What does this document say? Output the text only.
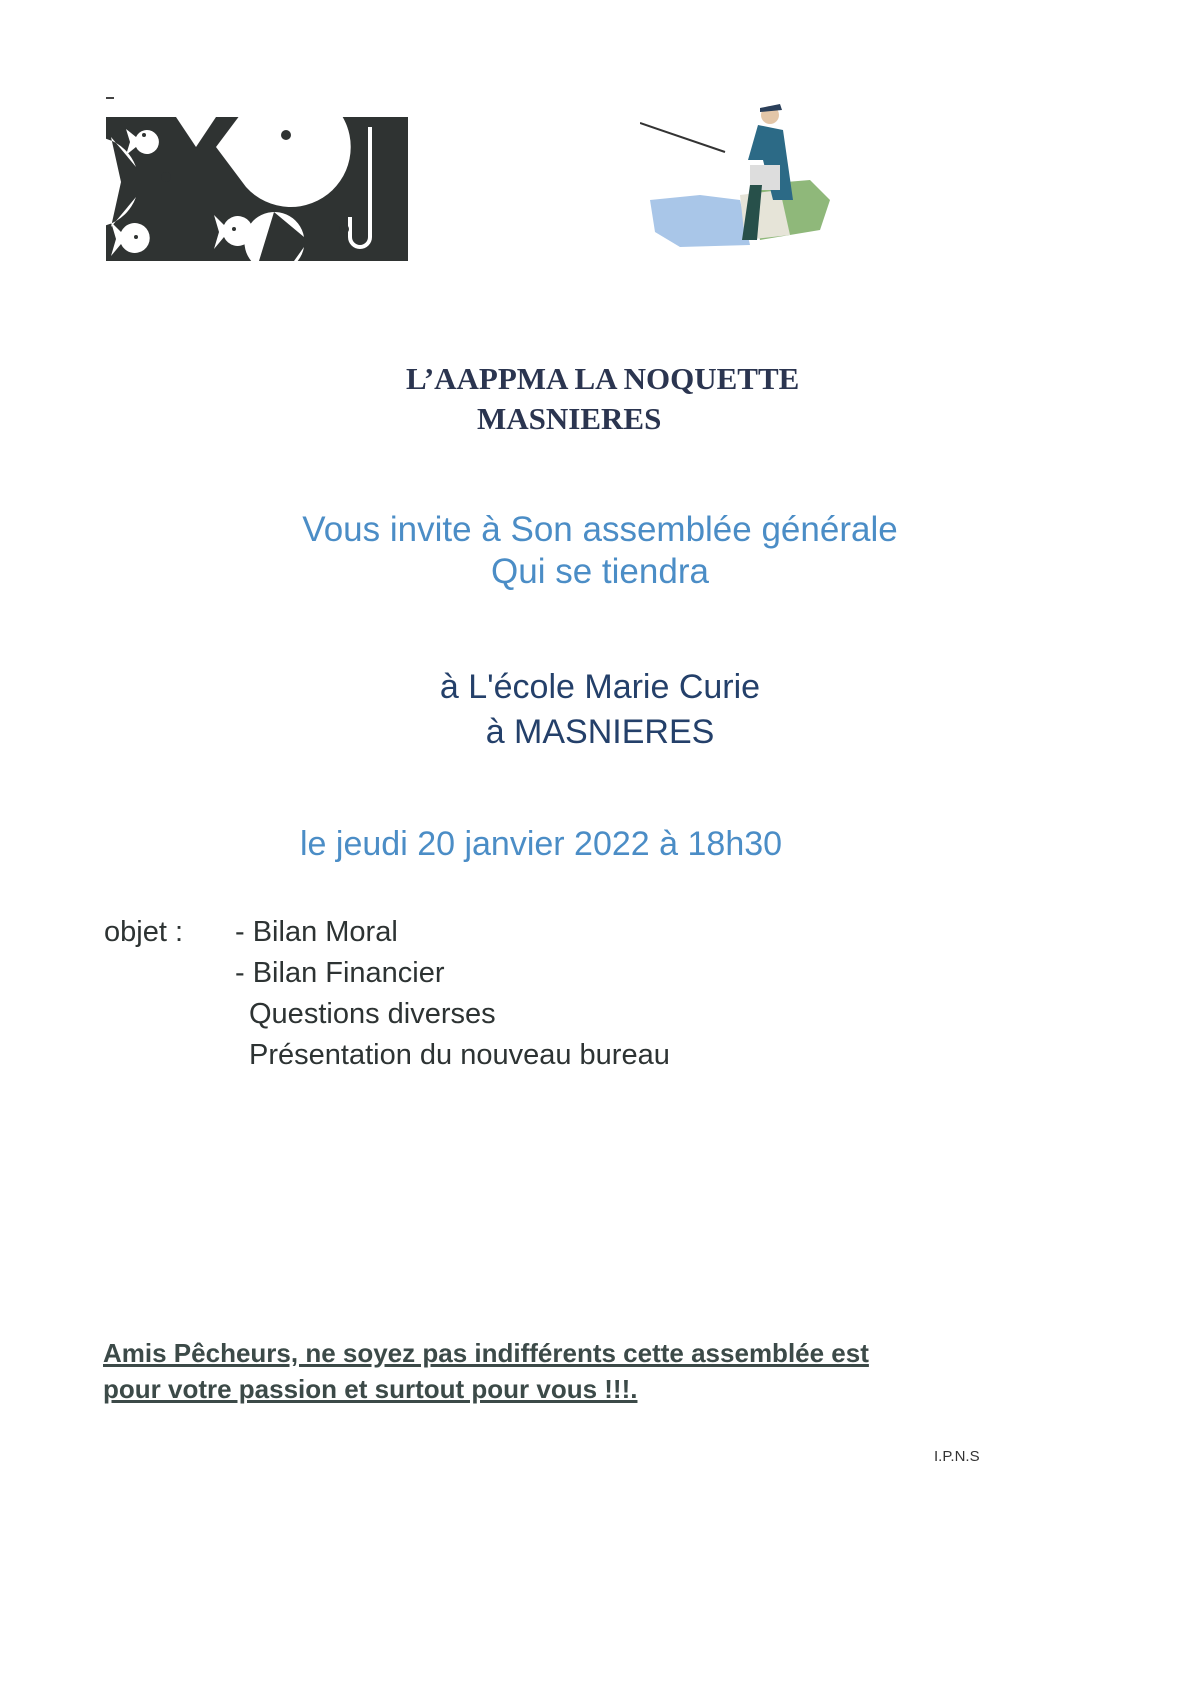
L’AAPPMA LA NOQUETTE
MASNIERES
Vous invite à Son assemblée générale
Qui se tiendra
à L'école Marie Curie
à MASNIERES
le jeudi 20 janvier 2022 à 18h30
objet : - Bilan Moral
- Bilan Financier
Questions diverses
Présentation du nouveau bureau
Amis Pêcheurs, ne soyez pas indifférents cette assemblée est
pour votre passion et surtout pour vous !!!.
I.P.N.S
